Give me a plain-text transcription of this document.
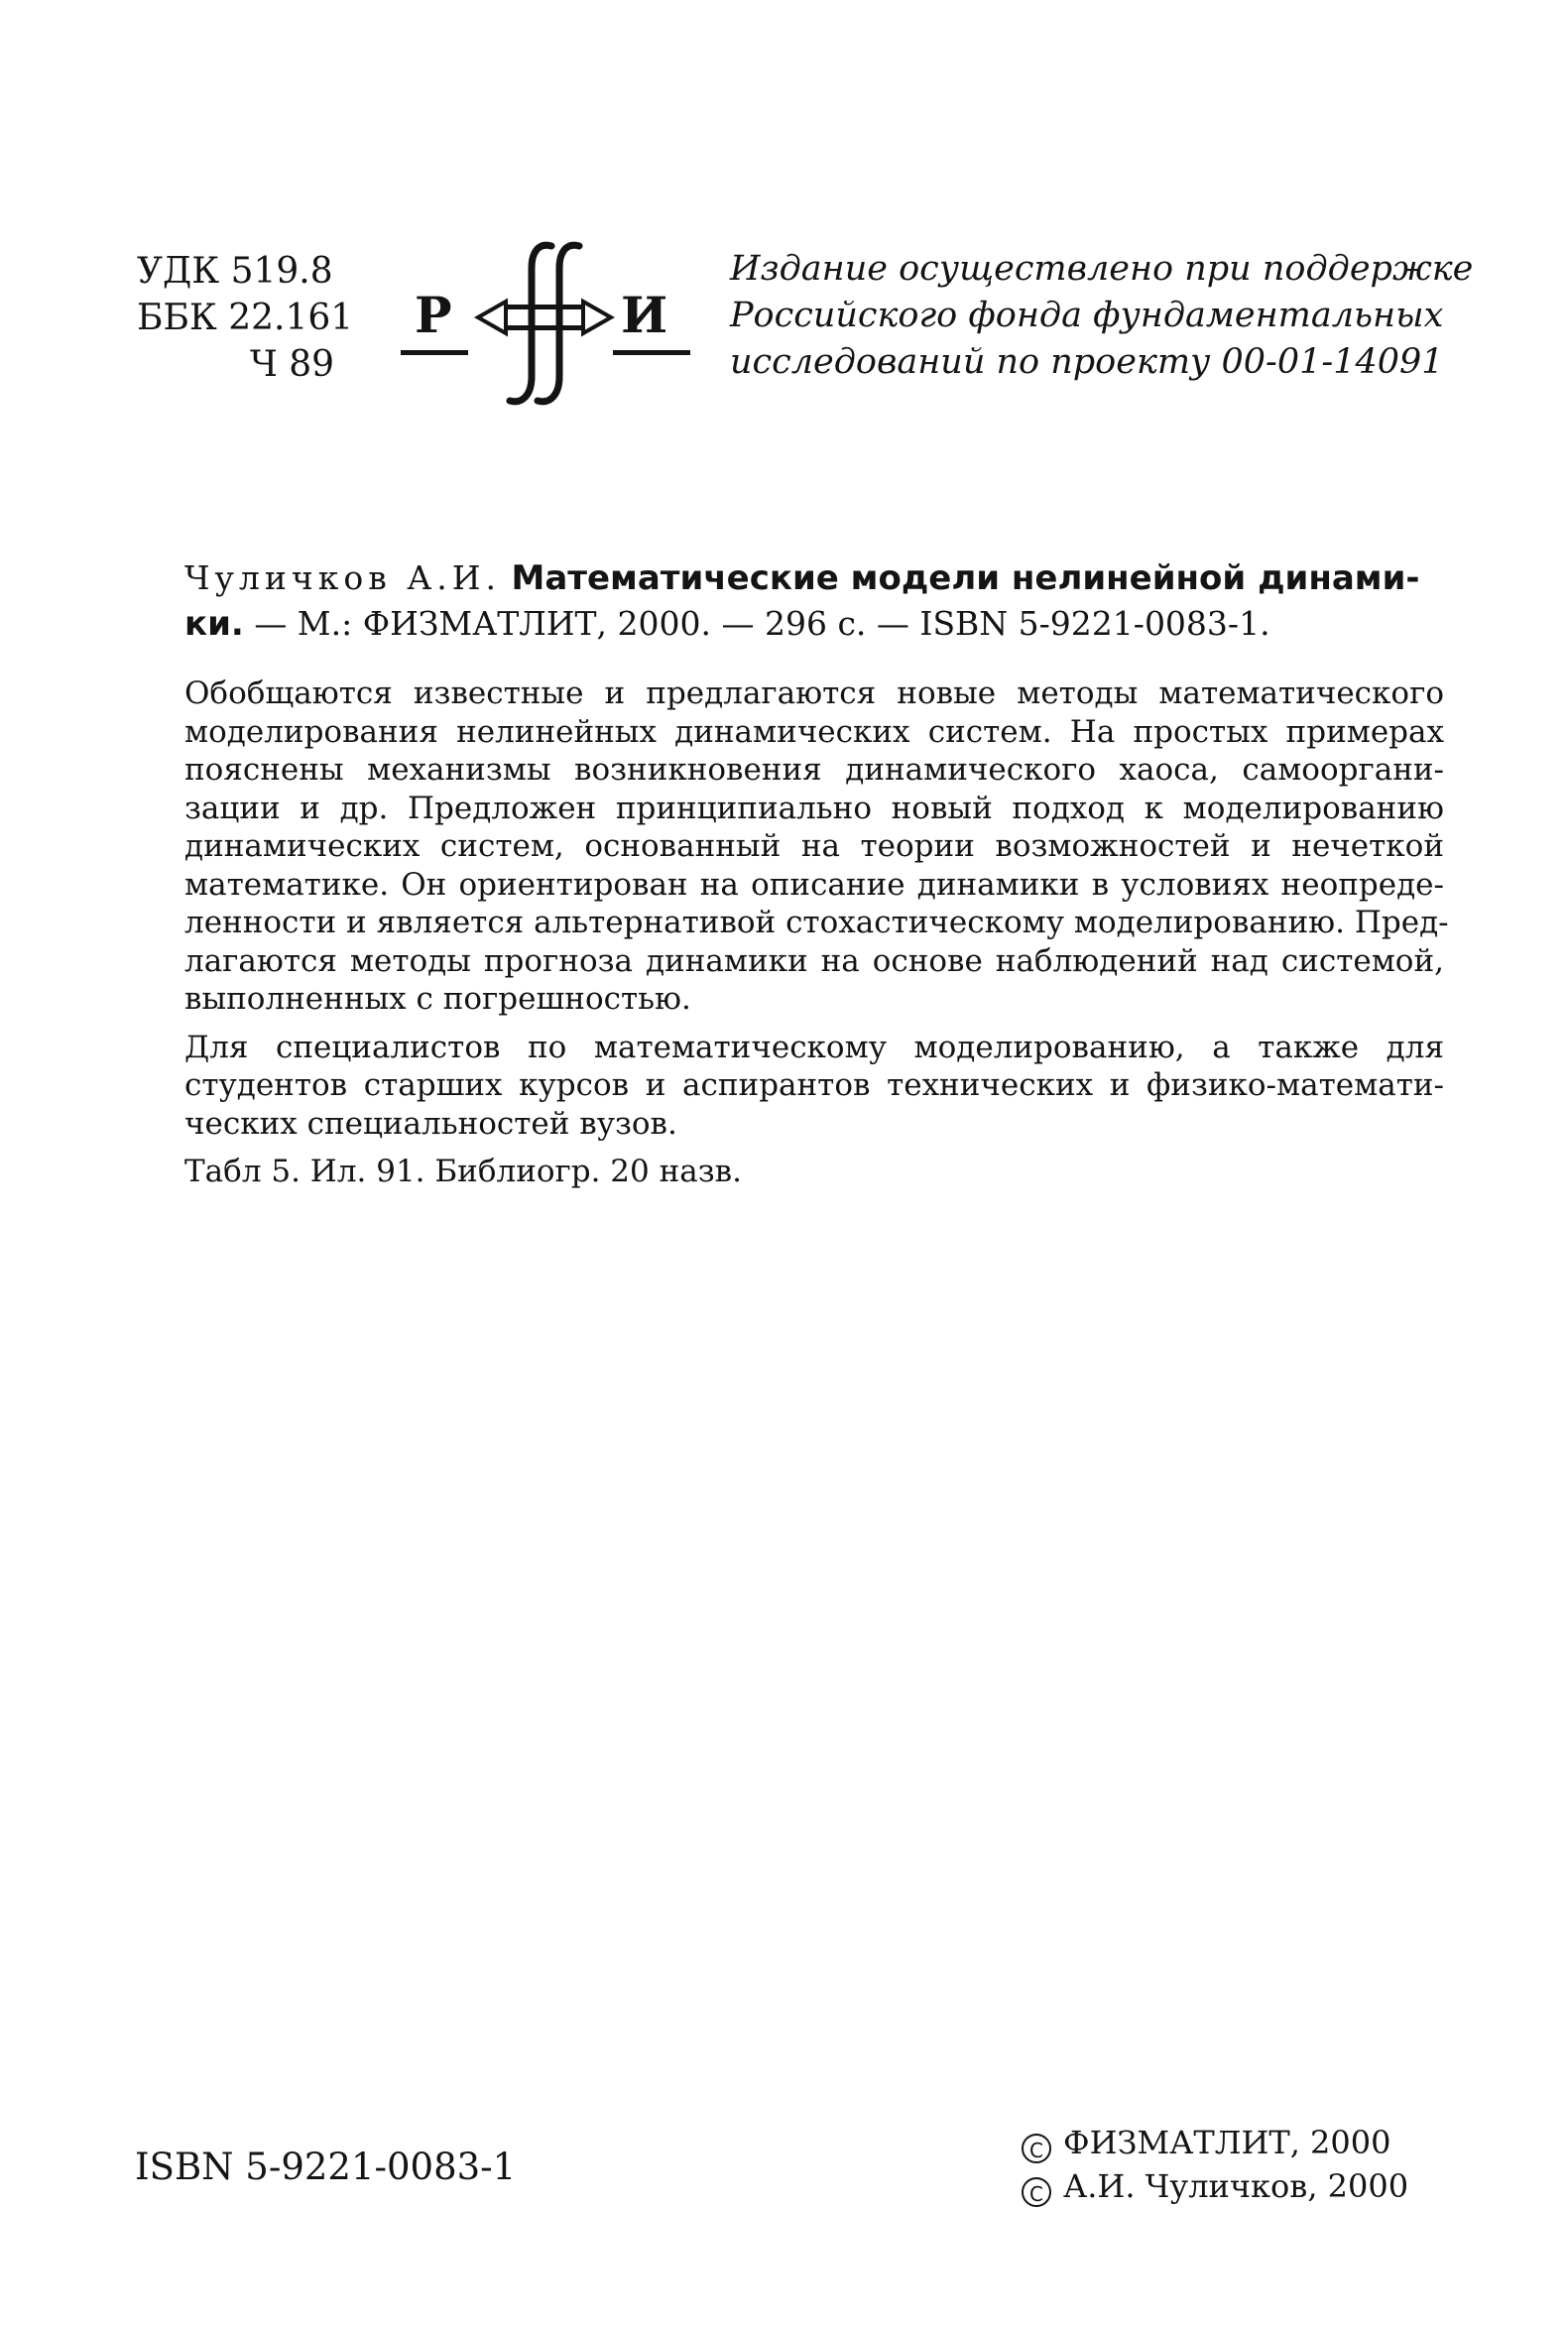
УДК 519.8
ББК 22.161
Ч 89
Р	И
Издание осуществлено при поддержке
Российского фонда фундаментальных
исследований по проекту 00-01-14091
Чуличков А.И. Математические модели нелинейной динами-
ки. — М.: ФИЗМАТЛИТ, 2000. — 296 с. — ISBN 5-9221-0083-1.

Обобщаются известные и предлагаются новые методы математического
моделирования нелинейных динамических систем. На простых примерах
пояснены механизмы возникновения динамического хаоса, самооргани-
зации и др. Предложен принципиально новый подход к моделированию
динамических систем, основанный на теории возможностей и нечеткой
математике. Он ориентирован на описание динамики в условиях неопреде-
ленности и является альтернативой стохастическому моделированию. Пред-
лагаются методы прогноза динамики на основе наблюдений над системой,
выполненных с погрешностью.

Для специалистов по математическому моделированию, а также для
студентов старших курсов и аспирантов технических и физико-математи-
ческих специальностей вузов.

Табл 5. Ил. 91. Библиогр. 20 назв.

ISBN 5-9221-0083-1	C ФИЗМАТЛИТ, 2000
C А.И. Чуличков, 2000
